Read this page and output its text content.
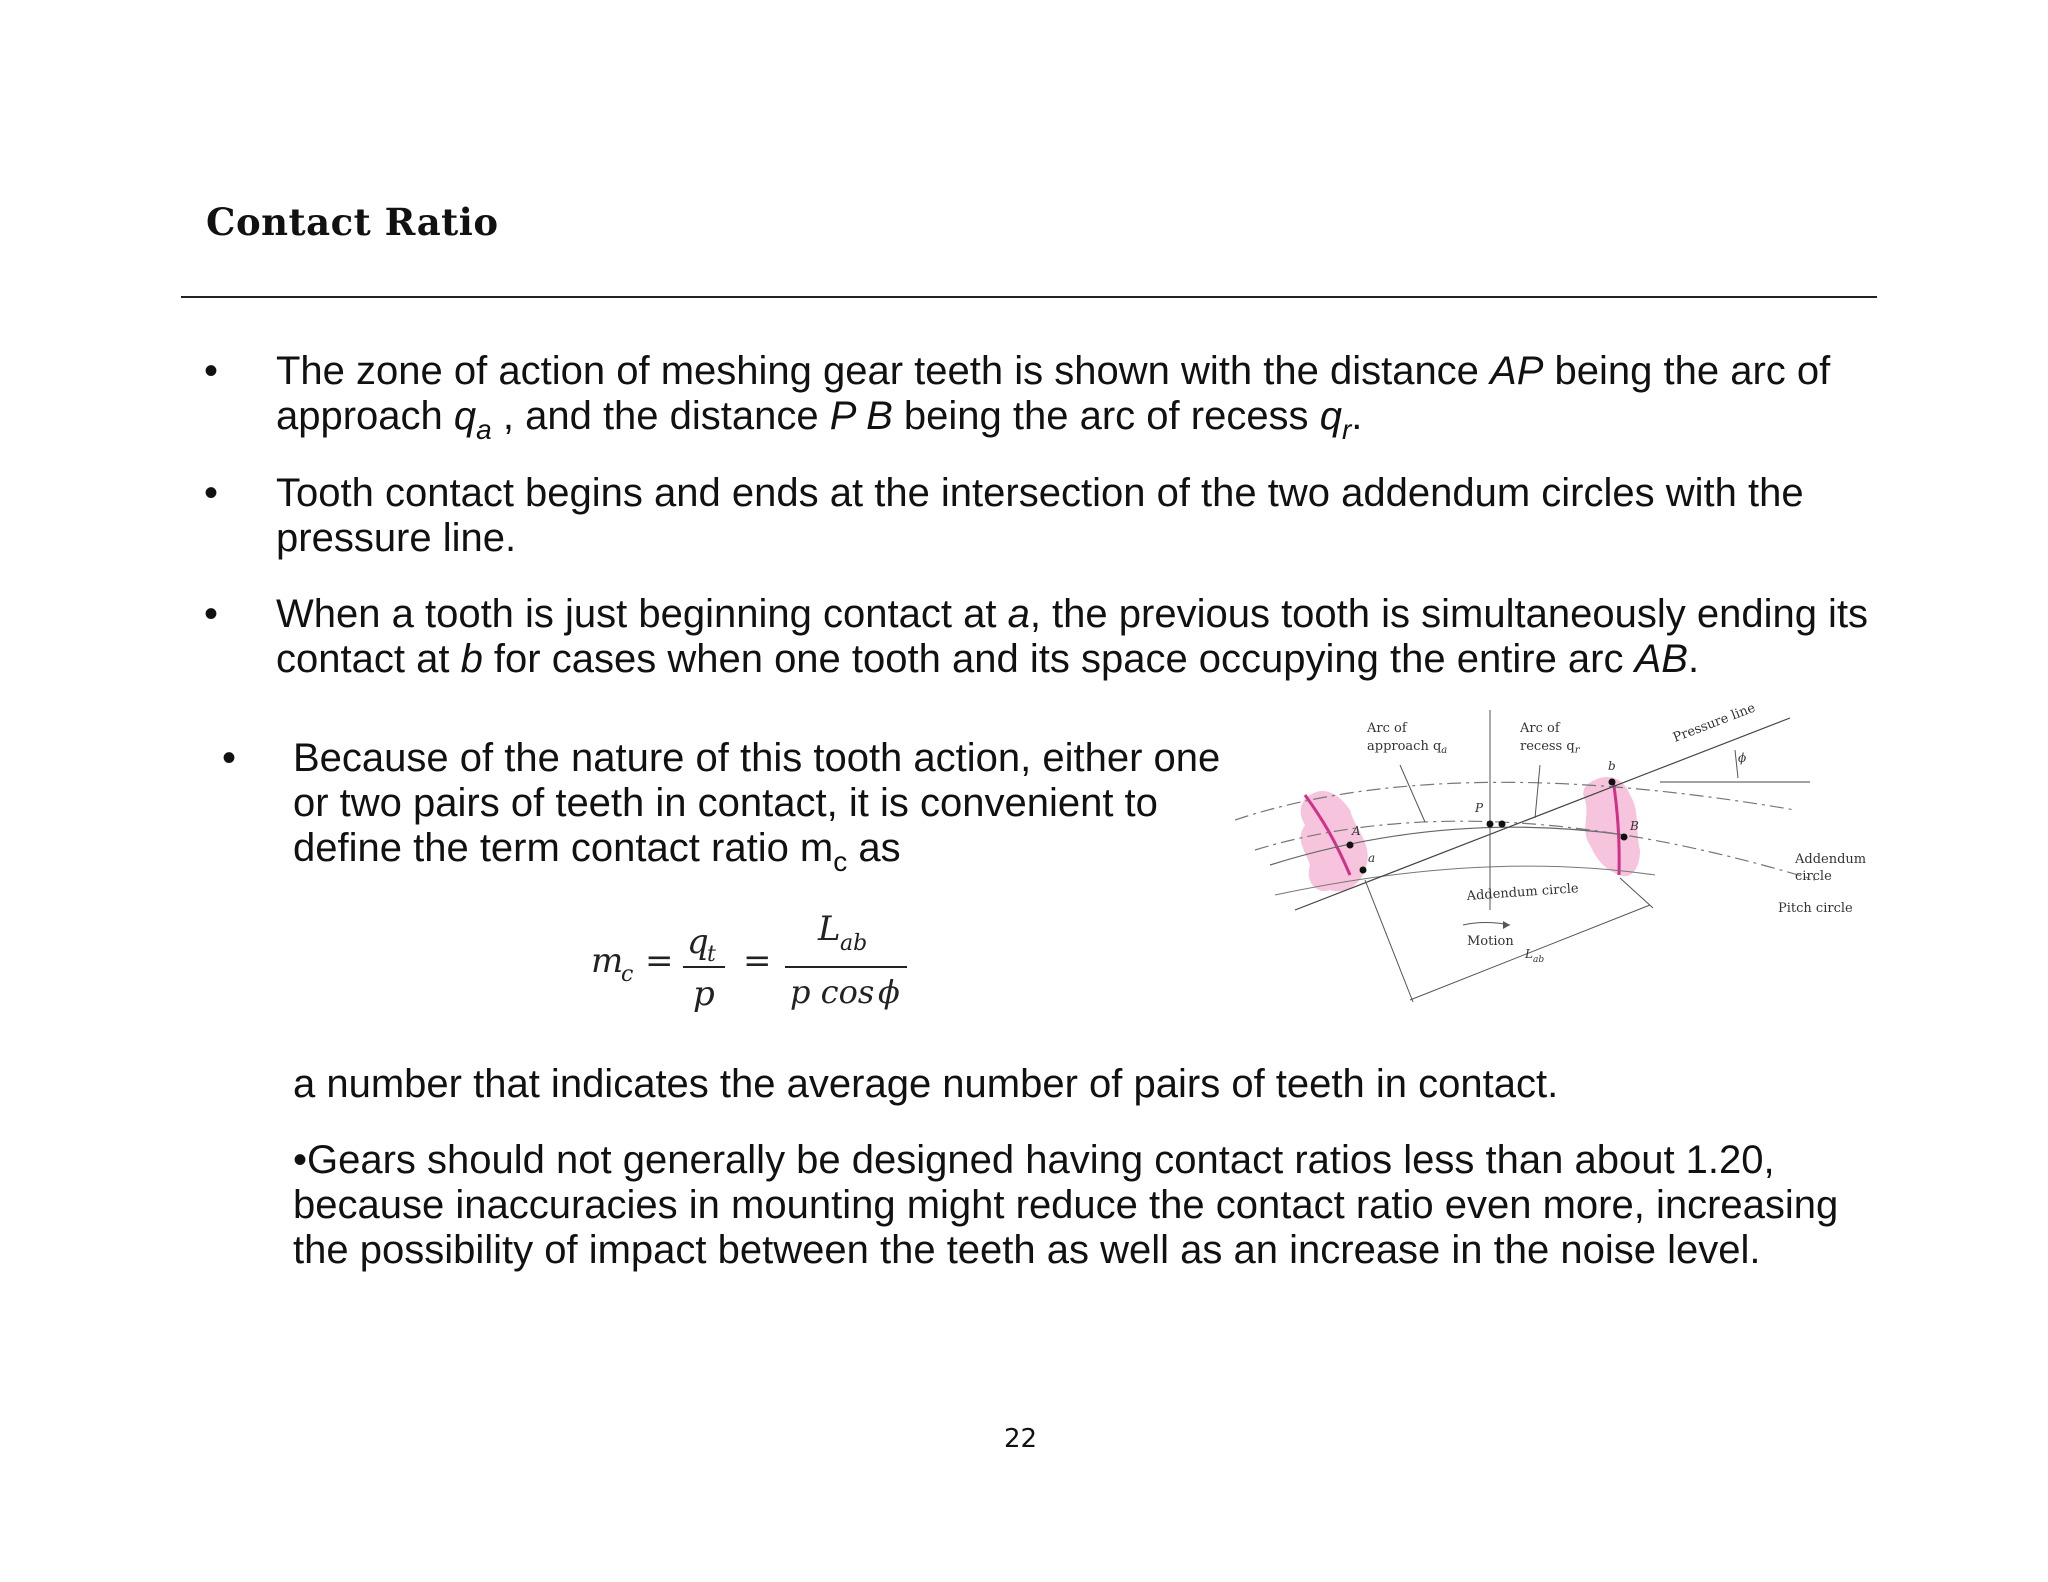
Contact Ratio
• The zone of action of meshing gear teeth is shown with the distance AP being the arc of approach $q_a$ , and the distance P B being the arc of recess $q_r$.
• Tooth contact begins and ends at the intersection of the two addendum circles with the pressure line.
• When a tooth is just beginning contact at a, the previous tooth is simultaneously ending its contact at b for cases when one tooth and its space occupying the entire arc AB.
• Because of the nature of this tooth action, either one or two pairs of teeth in contact, it is convenient to define the term contact ratio $m_c$ as
m
c = q
t
p
=
L ab
p cos ϕ
a number that indicates the average number of pairs of teeth in contact.
•Gears should not generally be designed having contact ratios less than about 1.20, because inaccuracies in mounting might reduce the contact ratio even more, increasing the possibility of impact between the teeth as well as an increase in the noise level.
Arc of
approach $q_a$
Arc of
recess $q_r$
Pressure line
ϕ
A
a
P
b
B
Addendum circle
Addendum
circle
Pitch circle
Motion
$L_{ab}$
22
